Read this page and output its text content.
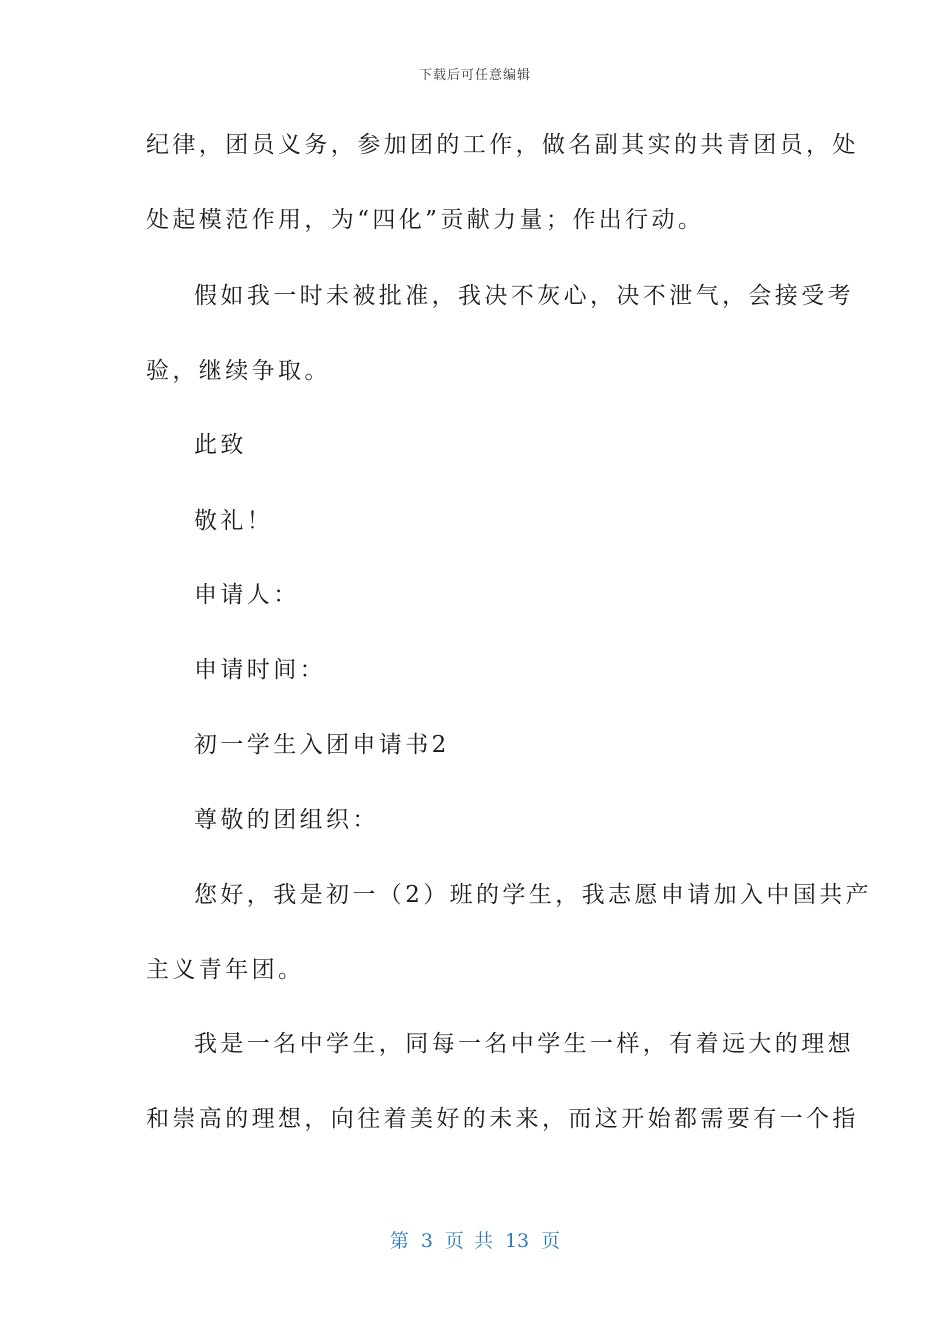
下载后可任意编辑
纪律，团员义务，参加团的工作，做名副其实的共青团员，处
处起模范作用，为“四化”贡献力量；作出行动。
假如我一时未被批准，我决不灰心，决不泄气，会接受考
验，继续争取。
此致
敬礼！
申请人：
申请时间：
初一学生入团申请书2
尊敬的团组织：
您好，我是初一（2）班的学生，我志愿申请加入中国共产
主义青年团。
我是一名中学生，同每一名中学生一样，有着远大的理想
和崇高的理想，向往着美好的未来，而这开始都需要有一个指
第 3 页 共 13 页
